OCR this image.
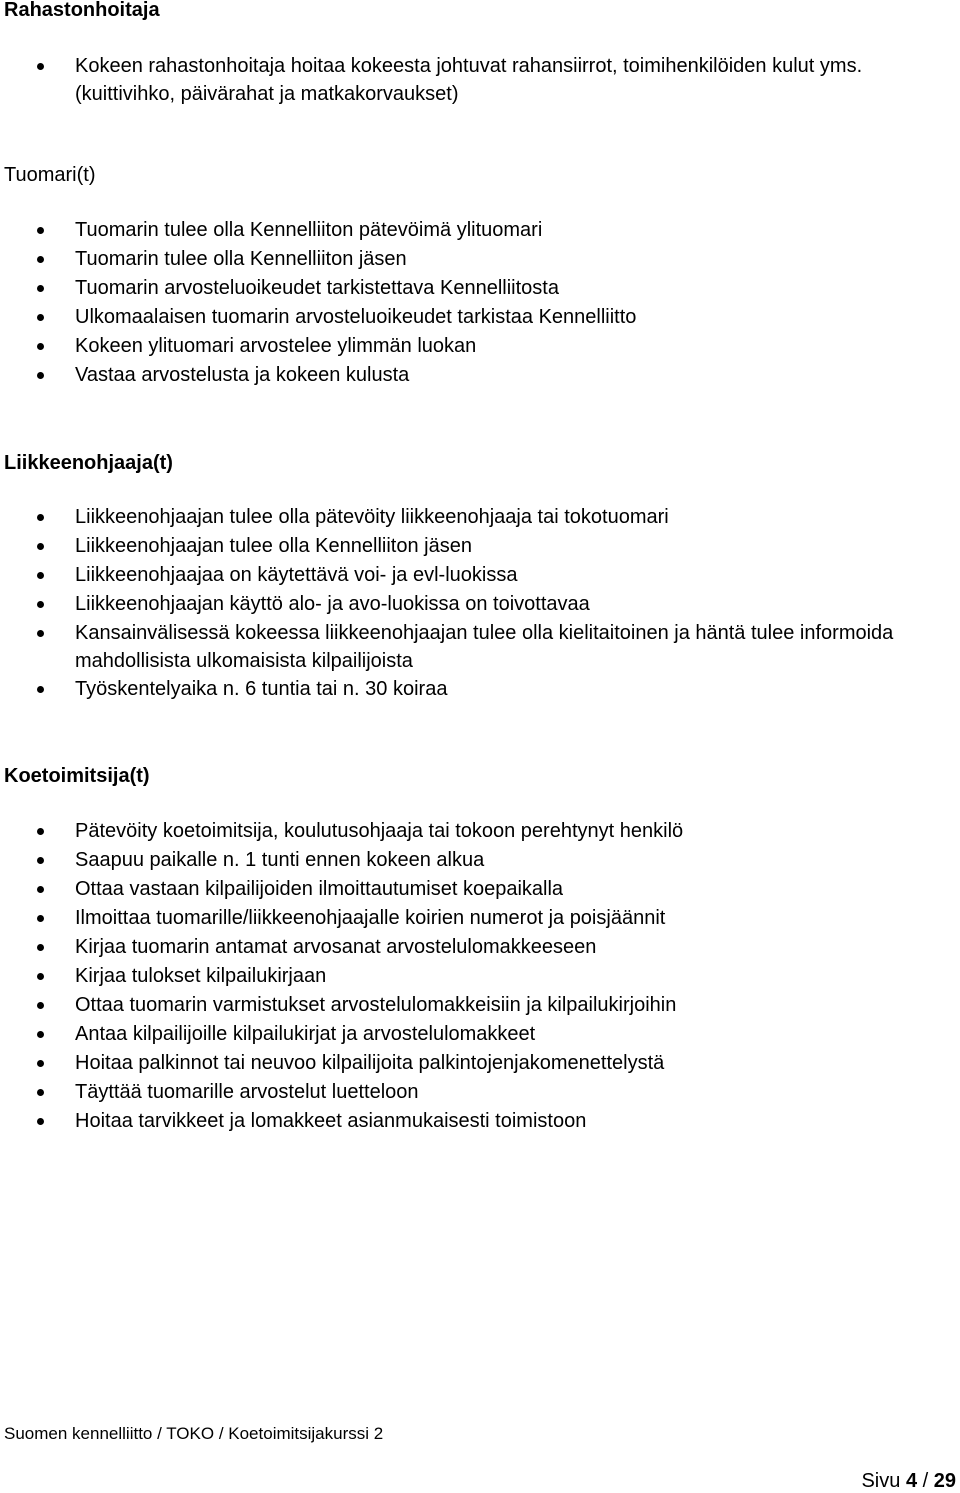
Rahastonhoitaja
Kokeen rahastonhoitaja hoitaa kokeesta johtuvat rahansiirrot, toimihenkilöiden kulut yms. (kuittivihko, päivärahat ja matkakorvaukset)
Tuomari(t)
Tuomarin tulee olla Kennelliiton pätevöimä ylituomari
Tuomarin tulee olla Kennelliiton jäsen
Tuomarin arvosteluoikeudet tarkistettava Kennelliitosta
Ulkomaalaisen tuomarin arvosteluoikeudet tarkistaa Kennelliitto
Kokeen ylituomari arvostelee ylimmän luokan
Vastaa arvostelusta ja kokeen kulusta
Liikkeenohjaaja(t)
Liikkeenohjaajan tulee olla pätevöity liikkeenohjaaja tai tokotuomari
Liikkeenohjaajan tulee olla Kennelliiton jäsen
Liikkeenohjaajaa on käytettävä voi- ja evl-luokissa
Liikkeenohjaajan käyttö alo- ja avo-luokissa on toivottavaa
Kansainvälisessä kokeessa liikkeenohjaajan tulee olla kielitaitoinen ja häntä tulee informoida mahdollisista ulkomaisista kilpailijoista
Työskentelyaika n. 6 tuntia tai n. 30 koiraa
Koetoimitsija(t)
Pätevöity koetoimitsija, koulutusohjaaja tai tokoon perehtynyt henkilö
Saapuu paikalle n. 1 tunti ennen kokeen alkua
Ottaa vastaan kilpailijoiden ilmoittautumiset koepaikalla
Ilmoittaa tuomarille/liikkeenohjaajalle koirien numerot ja poisjäännit
Kirjaa tuomarin antamat arvosanat arvostelulomakkeeseen
Kirjaa tulokset kilpailukirjaan
Ottaa tuomarin varmistukset arvostelulomakkeisiin ja kilpailukirjoihin
Antaa kilpailijoille kilpailukirjat ja arvostelulomakkeet
Hoitaa palkinnot tai neuvoo kilpailijoita palkintojenjakomenettelystä
Täyttää tuomarille arvostelut luetteloon
Hoitaa tarvikkeet ja lomakkeet asianmukaisesti toimistoon
Suomen kennelliitto / TOKO / Koetoimitsijakurssi 2
Sivu 4 / 29
